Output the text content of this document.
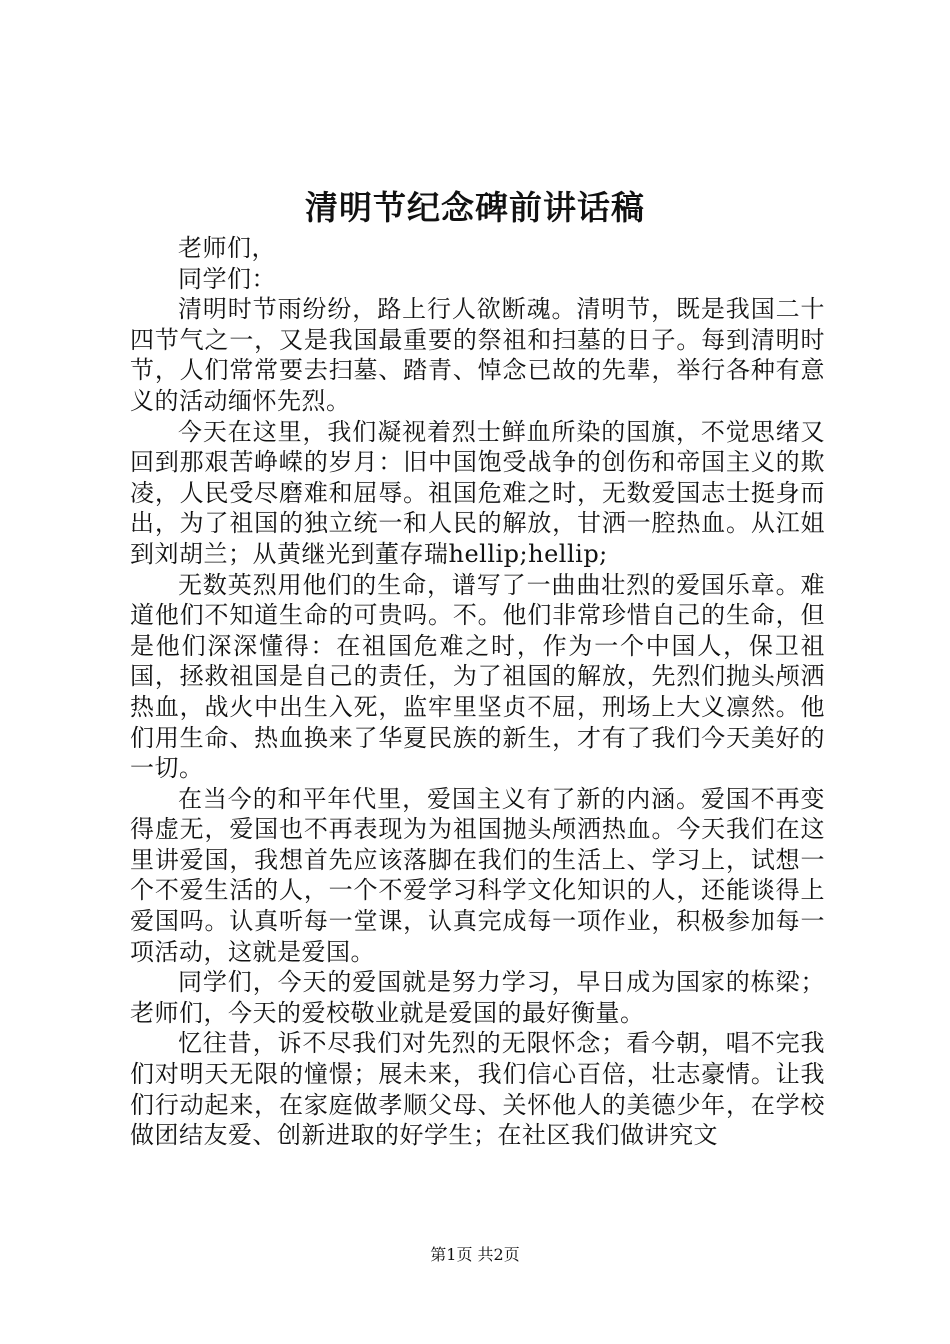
清明节纪念碑前讲话稿

老师们，

同学们：

清明时节雨纷纷，路上行人欲断魂。清明节，既是我国二十四节气之一，又是我国最重要的祭祖和扫墓的日子。每到清明时节，人们常常要去扫墓、踏青、悼念已故的先辈，举行各种有意义的活动缅怀先烈。

今天在这里，我们凝视着烈士鲜血所染的国旗，不觉思绪又回到那艰苦峥嵘的岁月：旧中国饱受战争的创伤和帝国主义的欺凌，人民受尽磨难和屈辱。祖国危难之时，无数爱国志士挺身而出，为了祖国的独立统一和人民的解放，甘洒一腔热血。从江姐到刘胡兰；从黄继光到董存瑞hellip;hellip;

无数英烈用他们的生命，谱写了一曲曲壮烈的爱国乐章。难道他们不知道生命的可贵吗。不。他们非常珍惜自己的生命，但是他们深深懂得：在祖国危难之时，作为一个中国人，保卫祖国，拯救祖国是自己的责任，为了祖国的解放，先烈们抛头颅洒热血，战火中出生入死，监牢里坚贞不屈，刑场上大义凛然。他们用生命、热血换来了华夏民族的新生，才有了我们今天美好的一切。

在当今的和平年代里，爱国主义有了新的内涵。爱国不再变得虚无，爱国也不再表现为为祖国抛头颅洒热血。今天我们在这里讲爱国，我想首先应该落脚在我们的生活上、学习上，试想一个不爱生活的人，一个不爱学习科学文化知识的人，还能谈得上爱国吗。认真听每一堂课，认真完成每一项作业，积极参加每一项活动，这就是爱国。

同学们，今天的爱国就是努力学习，早日成为国家的栋梁；老师们，今天的爱校敬业就是爱国的最好衡量。

忆往昔，诉不尽我们对先烈的无限怀念；看今朝，唱不完我们对明天无限的憧憬；展未来，我们信心百倍，壮志豪情。让我们行动起来，在家庭做孝顺父母、关怀他人的美德少年，在学校做团结友爱、创新进取的好学生；在社区我们做讲究文

第1页 共2页
